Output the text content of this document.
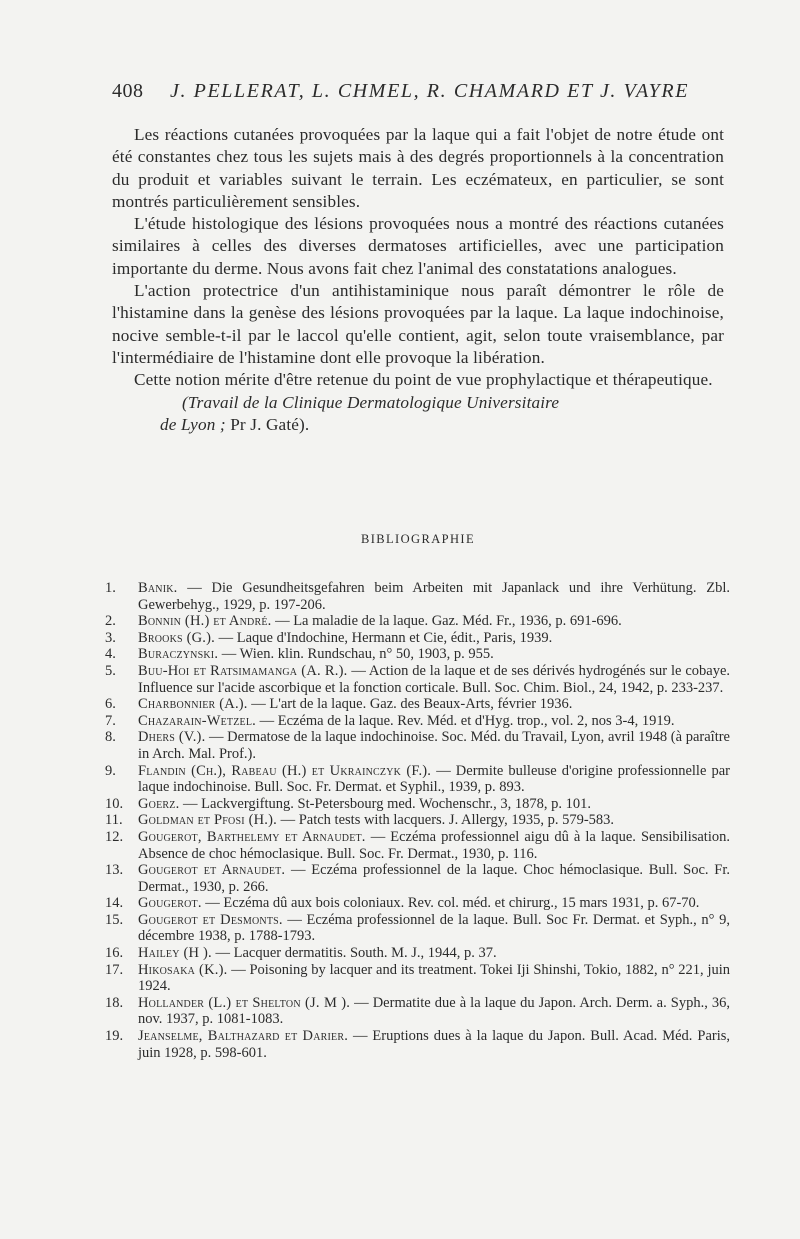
408	J. PELLERAT, L. CHMEL, R. CHAMARD ET J. VAYRE

Les réactions cutanées provoquées par la laque qui a fait l'objet de notre étude ont été constantes chez tous les sujets mais à des degrés proportionnels à la concentration du produit et variables suivant le terrain. Les eczémateux, en particulier, se sont montrés particulièrement sensibles.

L'étude histologique des lésions provoquées nous a montré des réactions cutanées similaires à celles des diverses dermatoses artificielles, avec une participation importante du derme. Nous avons fait chez l'animal des constatations analogues.

L'action protectrice d'un antihistaminique nous paraît démontrer le rôle de l'histamine dans la genèse des lésions provoquées par la laque. La laque indochinoise, nocive semble-t-il par le laccol qu'elle contient, agit, selon toute vraisemblance, par l'intermédiaire de l'histamine dont elle provoque la libération.

Cette notion mérite d'être retenue du point de vue prophylactique et thérapeutique.

(Travail de la Clinique Dermatologique Universitaire
de Lyon ; Pr J. Gaté).

BIBLIOGRAPHIE
1.	Banik. — Die Gesundheitsgefahren beim Arbeiten mit Japanlack und ihre Verhütung. Zbl. Gewerbehyg., 1929, p. 197-206.
2.	Bonnin (H.) et André. — La maladie de la laque. Gaz. Méd. Fr., 1936, p. 691-696.
3.	Brooks (G.). — Laque d'Indochine, Hermann et Cie, édit., Paris, 1939.
4.	Buraczynski. — Wien. klin. Rundschau, n° 50, 1903, p. 955.
5.	Buu-Hoi et Ratsimamanga (A. R.). — Action de la laque et de ses dérivés hydrogénés sur le cobaye. Influence sur l'acide ascorbique et la fonction corticale. Bull. Soc. Chim. Biol., 24, 1942, p. 233-237.
6.	Charbonnier (A.). — L'art de la laque. Gaz. des Beaux-Arts, février 1936.
7.	Chazarain-Wetzel. — Eczéma de la laque. Rev. Méd. et d'Hyg. trop., vol. 2, nos 3-4, 1919.
8.	Dhers (V.). — Dermatose de la laque indochinoise. Soc. Méd. du Travail, Lyon, avril 1948 (à paraître in Arch. Mal. Prof.).
9.	Flandin (Ch.), Rabeau (H.) et Ukrainczyk (F.). — Dermite bulleuse d'origine professionnelle par laque indochinoise. Bull. Soc. Fr. Dermat. et Syphil., 1939, p. 893.
10.	Goerz. — Lackvergiftung. St-Petersbourg med. Wochenschr., 3, 1878, p. 101.
11.	Goldman et Pfosi (H.). — Patch tests with lacquers. J. Allergy, 1935, p. 579-583.
12.	Gougerot, Barthelemy et Arnaudet. — Eczéma professionnel aigu dû à la laque. Sensibilisation. Absence de choc hémoclasique. Bull. Soc. Fr. Dermat., 1930, p. 116.
13.	Gougerot et Arnaudet. — Eczéma professionnel de la laque. Choc hémoclasique. Bull. Soc. Fr. Dermat., 1930, p. 266.
14.	Gougerot. — Eczéma dû aux bois coloniaux. Rev. col. méd. et chirurg., 15 mars 1931, p. 67-70.
15.	Gougerot et Desmonts. — Eczéma professionnel de la laque. Bull. Soc Fr. Dermat. et Syph., n° 9, décembre 1938, p. 1788-1793.
16.	Hailey (H ). — Lacquer dermatitis. South. M. J., 1944, p. 37.
17.	Hikosaka (K.). — Poisoning by lacquer and its treatment. Tokei Iji Shinshi, Tokio, 1882, n° 221, juin 1924.
18.	Hollander (L.) et Shelton (J. M ). — Dermatite due à la laque du Japon. Arch. Derm. a. Syph., 36, nov. 1937, p. 1081-1083.
19.	Jeanselme, Balthazard et Darier. — Eruptions dues à la laque du Japon. Bull. Acad. Méd. Paris, juin 1928, p. 598-601.
